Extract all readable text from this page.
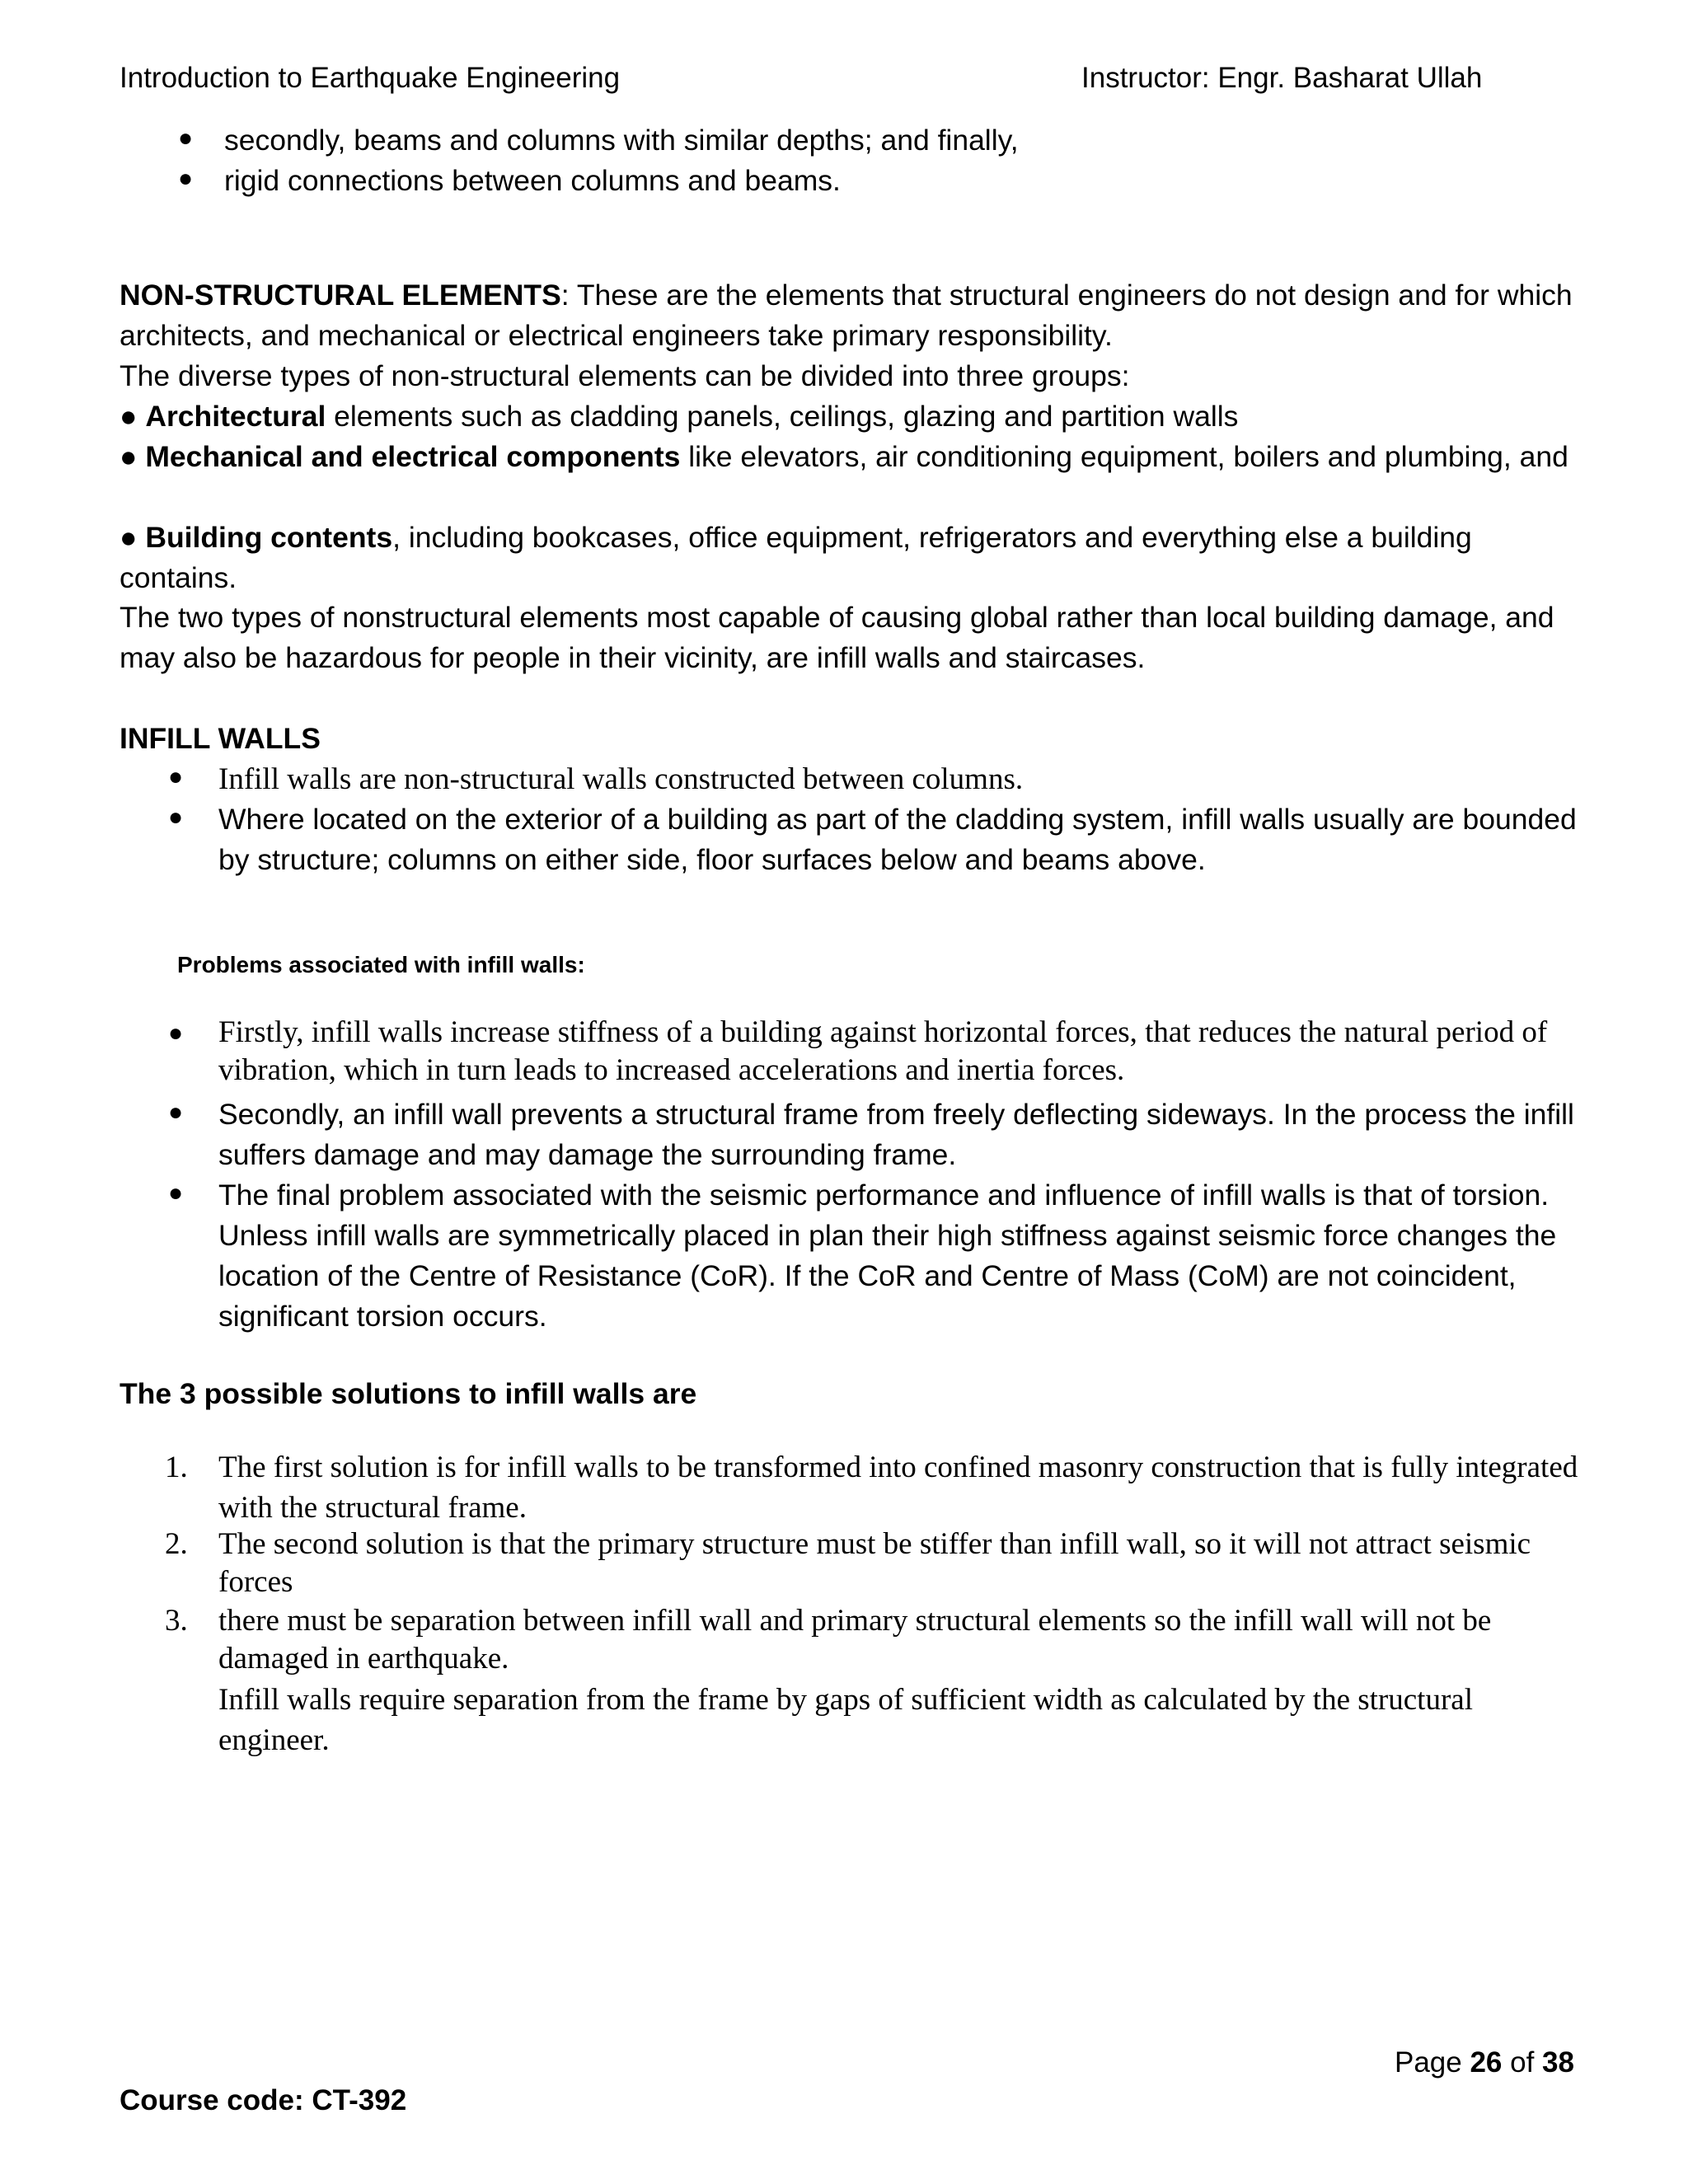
Introduction to Earthquake Engineering	Instructor: Engr. Basharat Ullah
● secondly, beams and columns with similar depths; and finally,

● rigid connections between columns and beams.

NON-STRUCTURAL ELEMENTS: These are the elements that structural engineers do not design and for which architects, and mechanical or electrical engineers take primary responsibility.

The diverse types of non-structural elements can be divided into three groups:

● Architectural elements such as cladding panels, ceilings, glazing and partition walls

● Mechanical and electrical components like elevators, air conditioning equipment, boilers and plumbing, and

● Building contents, including bookcases, office equipment, refrigerators and everything else a building contains.

The two types of nonstructural elements most capable of causing global rather than local building damage, and may also be hazardous for people in their vicinity, are infill walls and staircases.

INFILL WALLS
● Infill walls are non-structural walls constructed between columns.

● Where located on the exterior of a building as part of the cladding system, infill walls usually are bounded by structure; columns on either side, floor surfaces below and beams above.

Problems associated with infill walls:
● Firstly, infill walls increase stiffness of a building against horizontal forces, that reduces the natural period of vibration, which in turn leads to increased accelerations and inertia forces.

● Secondly, an infill wall prevents a structural frame from freely deflecting sideways. In the process the infill suffers damage and may damage the surrounding frame.

● The final problem associated with the seismic performance and influence of infill walls is that of torsion. Unless infill walls are symmetrically placed in plan their high stiffness against seismic force changes the location of the Centre of Resistance (CoR). If the CoR and Centre of Mass (CoM) are not coincident, significant torsion occurs.

The 3 possible solutions to infill walls are
1.	The first solution is for infill walls to be transformed into confined masonry construction that is fully integrated with the structural frame.

2.	The second solution is that the primary structure must be stiffer than infill wall, so it will not attract seismic forces

3.	there must be separation between infill wall and primary structural elements so the infill wall will not be damaged in earthquake.

Infill walls require separation from the frame by gaps of sufficient width as calculated by the structural engineer.

Page 26 of 38
Course code: CT-392
